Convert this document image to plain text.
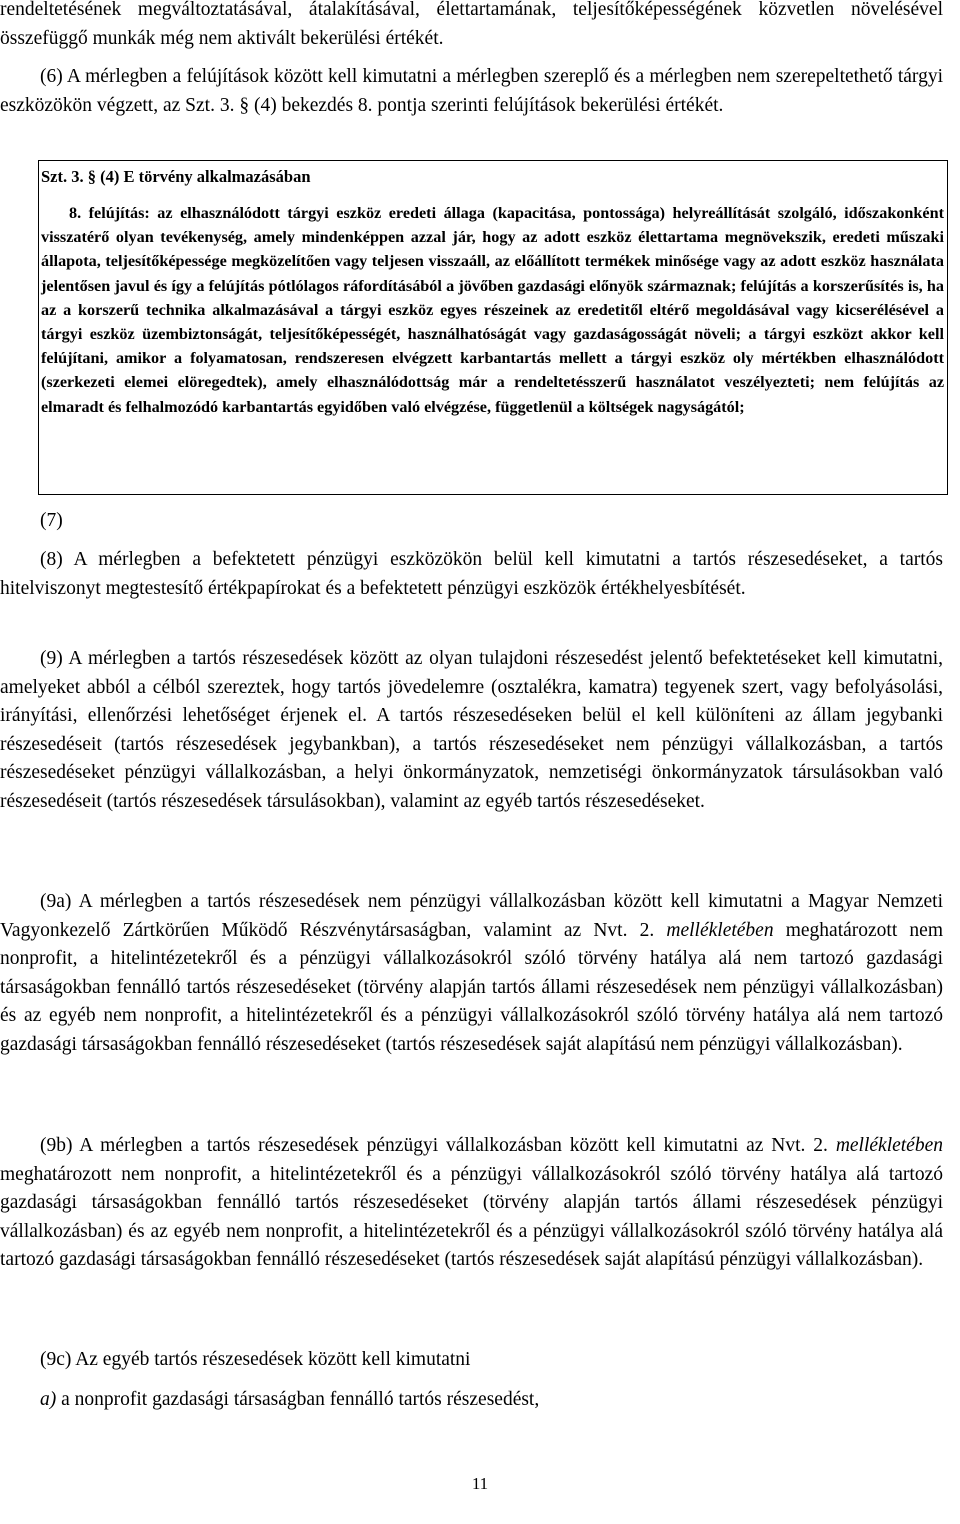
rendeltetésének megváltoztatásával, átalakításával, élettartamának, teljesítőképességének közvetlen növelésével összefüggő munkák még nem aktivált bekerülési értékét.

(6) A mérlegben a felújítások között kell kimutatni a mérlegben szereplő és a mérlegben nem szerepeltethető tárgyi eszközökön végzett, az Szt. 3. § (4) bekezdés 8. pontja szerinti felújítások bekerülési értékét.

Szt. 3. § (4) E törvény alkalmazásában

8. felújítás: az elhasználódott tárgyi eszköz eredeti állaga (kapacitása, pontossága) helyreállítását szolgáló, időszakonként visszatérő olyan tevékenység, amely mindenképpen azzal jár, hogy az adott eszköz élettartama megnövekszik, eredeti műszaki állapota, teljesítőképessége megközelítően vagy teljesen visszaáll, az előállított termékek minősége vagy az adott eszköz használata jelentősen javul és így a felújítás pótlólagos ráfordításából a jövőben gazdasági előnyök származnak; felújítás a korszerűsítés is, ha az a korszerű technika alkalmazásával a tárgyi eszköz egyes részeinek az eredetitől eltérő megoldásával vagy kicserélésével a tárgyi eszköz üzembiztonságát, teljesítőképességét, használhatóságát vagy gazdaságosságát növeli; a tárgyi eszközt akkor kell felújítani, amikor a folyamatosan, rendszeresen elvégzett karbantartás mellett a tárgyi eszköz oly mértékben elhasználódott (szerkezeti elemei elöregedtek), amely elhasználódottság már a rendeltetésszerű használatot veszélyezteti; nem felújítás az elmaradt és felhalmozódó karbantartás egyidőben való elvégzése, függetlenül a költségek nagyságától;

(7)

(8) A mérlegben a befektetett pénzügyi eszközökön belül kell kimutatni a tartós részesedéseket, a tartós hitelviszonyt megtestesítő értékpapírokat és a befektetett pénzügyi eszközök értékhelyesbítését.

(9) A mérlegben a tartós részesedések között az olyan tulajdoni részesedést jelentő befektetéseket kell kimutatni, amelyeket abból a célból szereztek, hogy tartós jövedelemre (osztalékra, kamatra) tegyenek szert, vagy befolyásolási, irányítási, ellenőrzési lehetőséget érjenek el. A tartós részesedéseken belül el kell különíteni az állam jegybanki részesedéseit (tartós részesedések jegybankban), a tartós részesedéseket nem pénzügyi vállalkozásban, a tartós részesedéseket pénzügyi vállalkozásban, a helyi önkormányzatok, nemzetiségi önkormányzatok társulásokban való részesedéseit (tartós részesedések társulásokban), valamint az egyéb tartós részesedéseket.

(9a) A mérlegben a tartós részesedések nem pénzügyi vállalkozásban között kell kimutatni a Magyar Nemzeti Vagyonkezelő Zártkörűen Működő Részvénytársaságban, valamint az Nvt. 2. mellékletében meghatározott nem nonprofit, a hitelintézetekről és a pénzügyi vállalkozásokról szóló törvény hatálya alá nem tartozó gazdasági társaságokban fennálló tartós részesedéseket (törvény alapján tartós állami részesedések nem pénzügyi vállalkozásban) és az egyéb nem nonprofit, a hitelintézetekről és a pénzügyi vállalkozásokról szóló törvény hatálya alá nem tartozó gazdasági társaságokban fennálló részesedéseket (tartós részesedések saját alapítású nem pénzügyi vállalkozásban).

(9b) A mérlegben a tartós részesedések pénzügyi vállalkozásban között kell kimutatni az Nvt. 2. mellékletében meghatározott nem nonprofit, a hitelintézetekről és a pénzügyi vállalkozásokról szóló törvény hatálya alá tartozó gazdasági társaságokban fennálló tartós részesedéseket (törvény alapján tartós állami részesedések pénzügyi vállalkozásban) és az egyéb nem nonprofit, a hitelintézetekről és a pénzügyi vállalkozásokról szóló törvény hatálya alá tartozó gazdasági társaságokban fennálló részesedéseket (tartós részesedések saját alapítású pénzügyi vállalkozásban).

(9c) Az egyéb tartós részesedések között kell kimutatni

a) a nonprofit gazdasági társaságban fennálló tartós részesedést,

11
